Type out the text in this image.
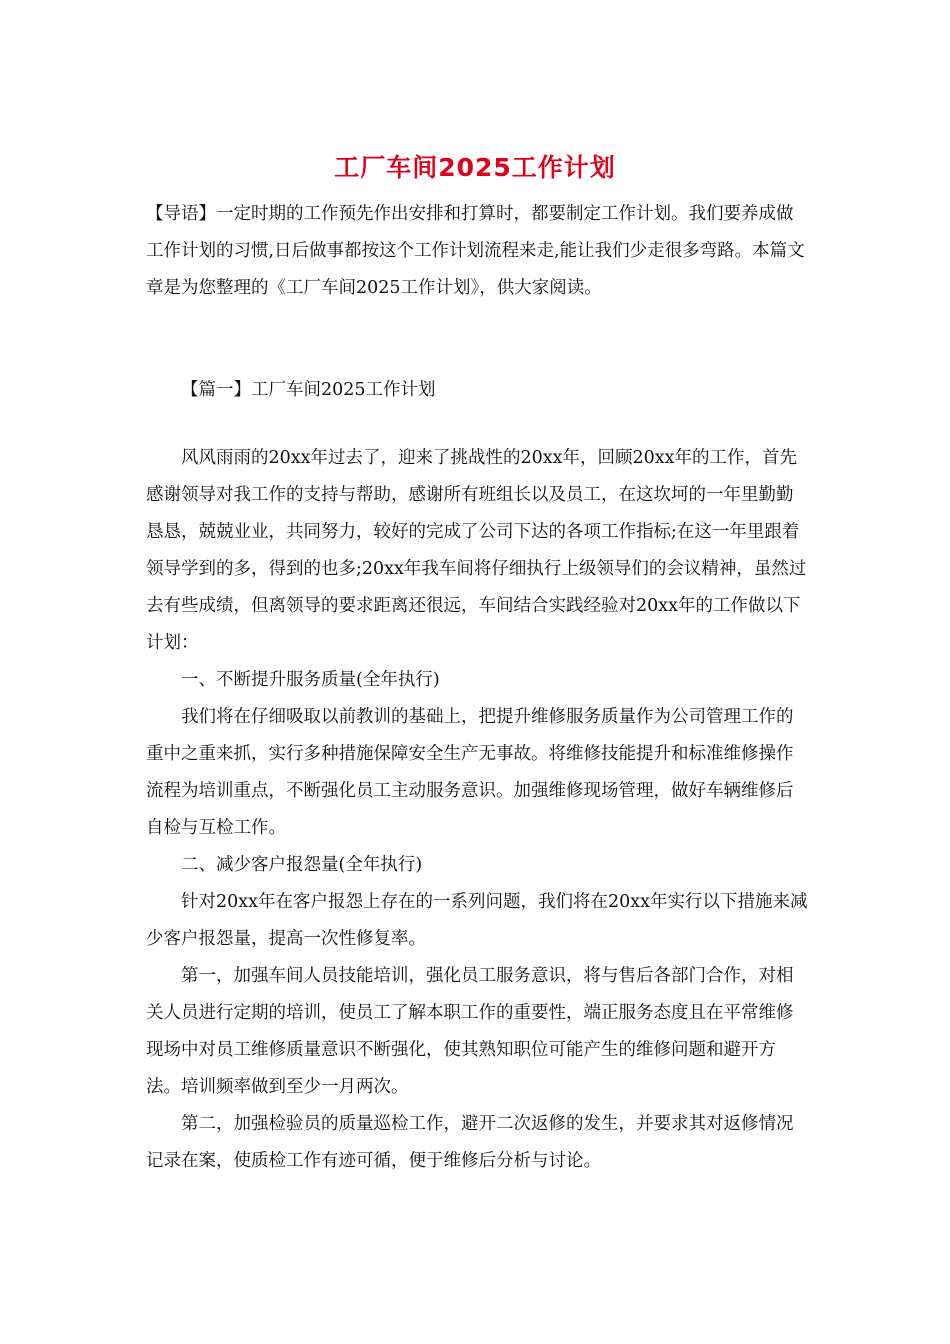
工厂车间2025工作计划

【导语】一定时期的工作预先作出安排和打算时，都要制定工作计划。我们要养成做工作计划的习惯,日后做事都按这个工作计划流程来走,能让我们少走很多弯路。本篇文章是为您整理的《工厂车间2025工作计划》，供大家阅读。

【篇一】工厂车间2025工作计划

风风雨雨的20xx年过去了，迎来了挑战性的20xx年，回顾20xx年的工作，首先感谢领导对我工作的支持与帮助，感谢所有班组长以及员工，在这坎坷的一年里勤勤恳恳，兢兢业业，共同努力，较好的完成了公司下达的各项工作指标;在这一年里跟着领导学到的多，得到的也多;20xx年我车间将仔细执行上级领导们的会议精神，虽然过去有些成绩，但离领导的要求距离还很远，车间结合实践经验对20xx年的工作做以下计划：

一、不断提升服务质量(全年执行)

我们将在仔细吸取以前教训的基础上，把提升维修服务质量作为公司管理工作的重中之重来抓，实行多种措施保障安全生产无事故。将维修技能提升和标准维修操作流程为培训重点，不断强化员工主动服务意识。加强维修现场管理，做好车辆维修后自检与互检工作。

二、减少客户报怨量(全年执行)

针对20xx年在客户报怨上存在的一系列问题，我们将在20xx年实行以下措施来减少客户报怨量，提高一次性修复率。

第一，加强车间人员技能培训，强化员工服务意识，将与售后各部门合作，对相关人员进行定期的培训，使员工了解本职工作的重要性，端正服务态度且在平常维修现场中对员工维修质量意识不断强化，使其熟知职位可能产生的维修问题和避开方法。培训频率做到至少一月两次。

第二，加强检验员的质量巡检工作，避开二次返修的发生，并要求其对返修情况记录在案，使质检工作有迹可循，便于维修后分析与讨论。
